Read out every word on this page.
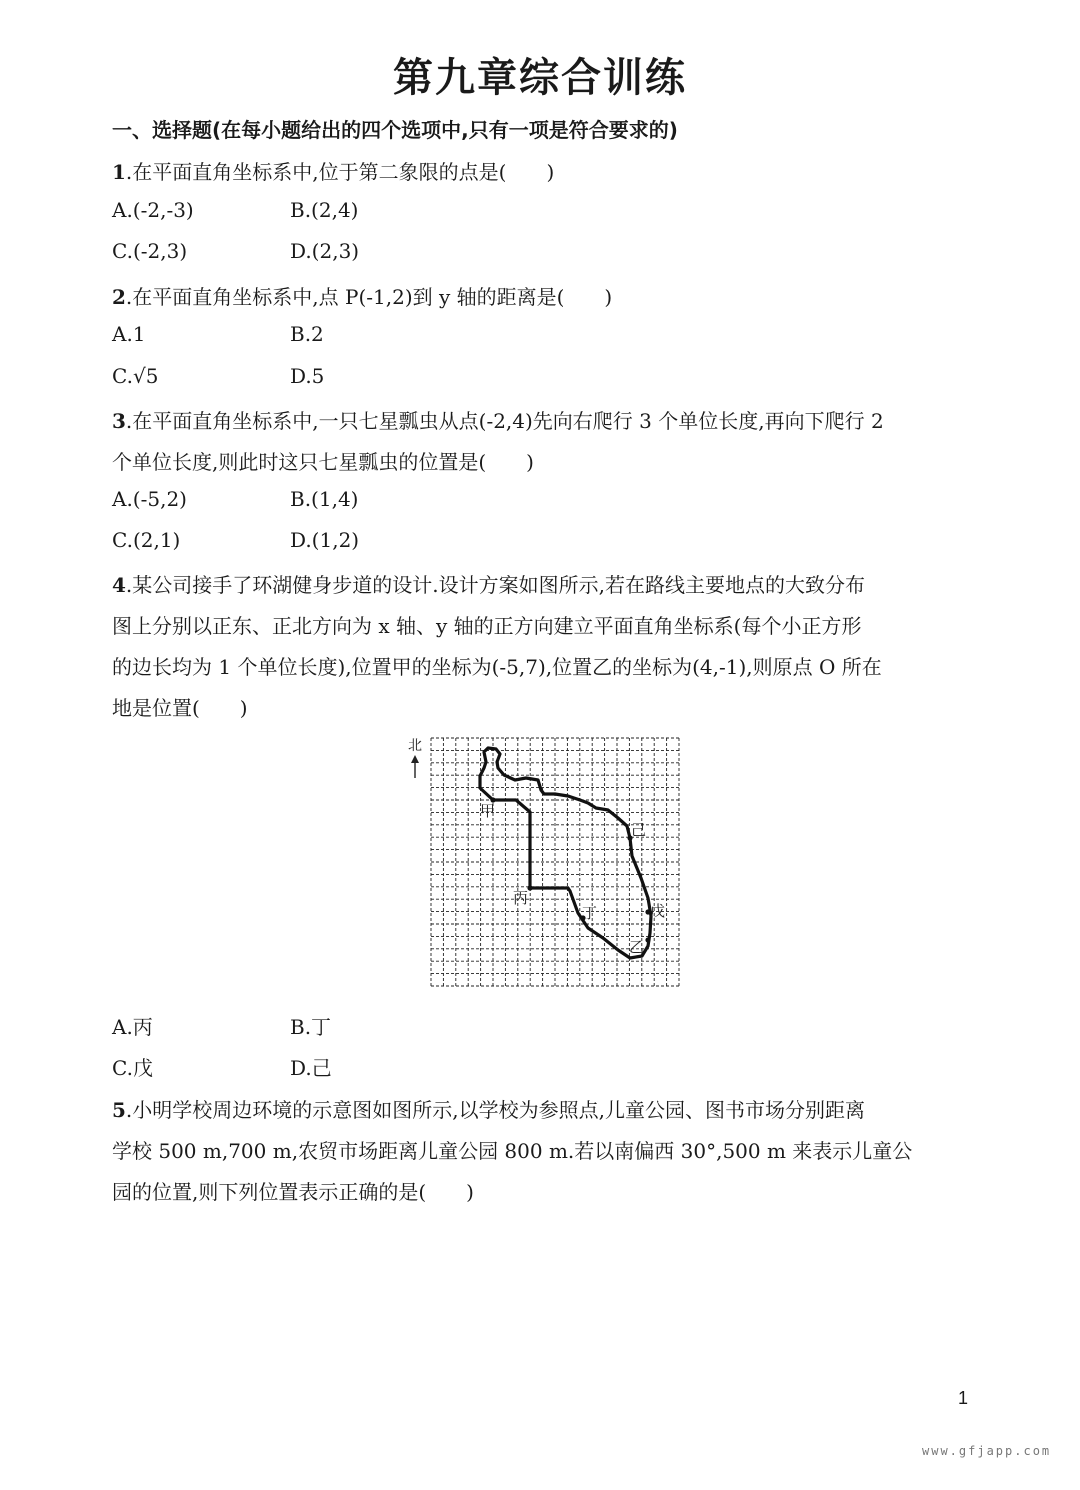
第九章综合训练
一、选择题(在每小题给出的四个选项中,只有一项是符合要求的)
1.在平面直角坐标系中,位于第二象限的点是(　　)
A.(-2,-3)	B.(2,4)
C.(-2,3)	D.(2,3)
2.在平面直角坐标系中,点 P(-1,2)到 y 轴的距离是(　　)
A.1	B.2
C.√5	D.5
3.在平面直角坐标系中,一只七星瓢虫从点(-2,4)先向右爬行 3 个单位长度,再向下爬行 2
个单位长度,则此时这只七星瓢虫的位置是(　　)
A.(-5,2)	B.(1,4)
C.(2,1)	D.(1,2)
4.某公司接手了环湖健身步道的设计.设计方案如图所示,若在路线主要地点的大致分布
图上分别以正东、正北方向为 x 轴、y 轴的正方向建立平面直角坐标系(每个小正方形
的边长均为 1 个单位长度),位置甲的坐标为(-5,7),位置乙的坐标为(4,-1),则原点 O 所在
地是位置(　　)
北
甲
己
丙
丁	戊
乙
A.丙	B.丁
C.戊	D.己
5.小明学校周边环境的示意图如图所示,以学校为参照点,儿童公园、图书市场分别距离
学校 500 m,700 m,农贸市场距离儿童公园 800 m.若以南偏西 30°,500 m 来表示儿童公
园的位置,则下列位置表示正确的是(　　)
1
www.gfjapp.com
